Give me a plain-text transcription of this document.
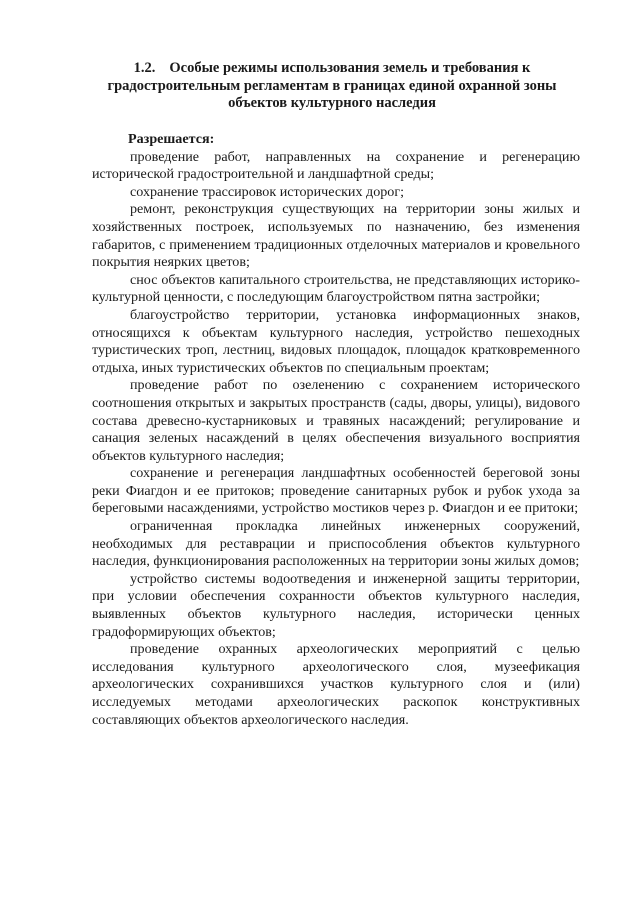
1.2. Особые режимы использования земель и требования к градостроительным регламентам в границах единой охранной зоны объектов культурного наследия

Разрешается:

проведение работ, направленных на сохранение и регенерацию исторической градостроительной и ландшафтной среды;

сохранение трассировок исторических дорог;

ремонт, реконструкция существующих на территории зоны жилых и хозяйственных построек, используемых по назначению, без изменения габаритов, с применением традиционных отделочных материалов и кровельного покрытия неярких цветов;

снос объектов капитального строительства, не представляющих историко-культурной ценности, с последующим благоустройством пятна застройки;

благоустройство территории, установка информационных знаков, относящихся к объектам культурного наследия, устройство пешеходных туристических троп, лестниц, видовых площадок, площадок кратковременного отдыха, иных туристических объектов по специальным проектам;

проведение работ по озеленению с сохранением исторического соотношения открытых и закрытых пространств (сады, дворы, улицы), видового состава древесно-кустарниковых и травяных насаждений; регулирование и санация зеленых насаждений в целях обеспечения визуального восприятия объектов культурного наследия;

сохранение и регенерация ландшафтных особенностей береговой зоны реки Фиагдон и ее притоков; проведение санитарных рубок и рубок ухода за береговыми насаждениями, устройство мостиков через р. Фиагдон и ее притоки;

ограниченная прокладка линейных инженерных сооружений, необходимых для реставрации и приспособления объектов культурного наследия, функционирования расположенных на территории зоны жилых домов;

устройство системы водоотведения и инженерной защиты территории, при условии обеспечения сохранности объектов культурного наследия, выявленных объектов культурного наследия, исторически ценных градоформирующих объектов;

проведение охранных археологических мероприятий с целью исследования культурного археологического слоя, музеефикация археологических сохранившихся участков культурного слоя и (или) исследуемых методами археологических раскопок конструктивных составляющих объектов археологического наследия.
